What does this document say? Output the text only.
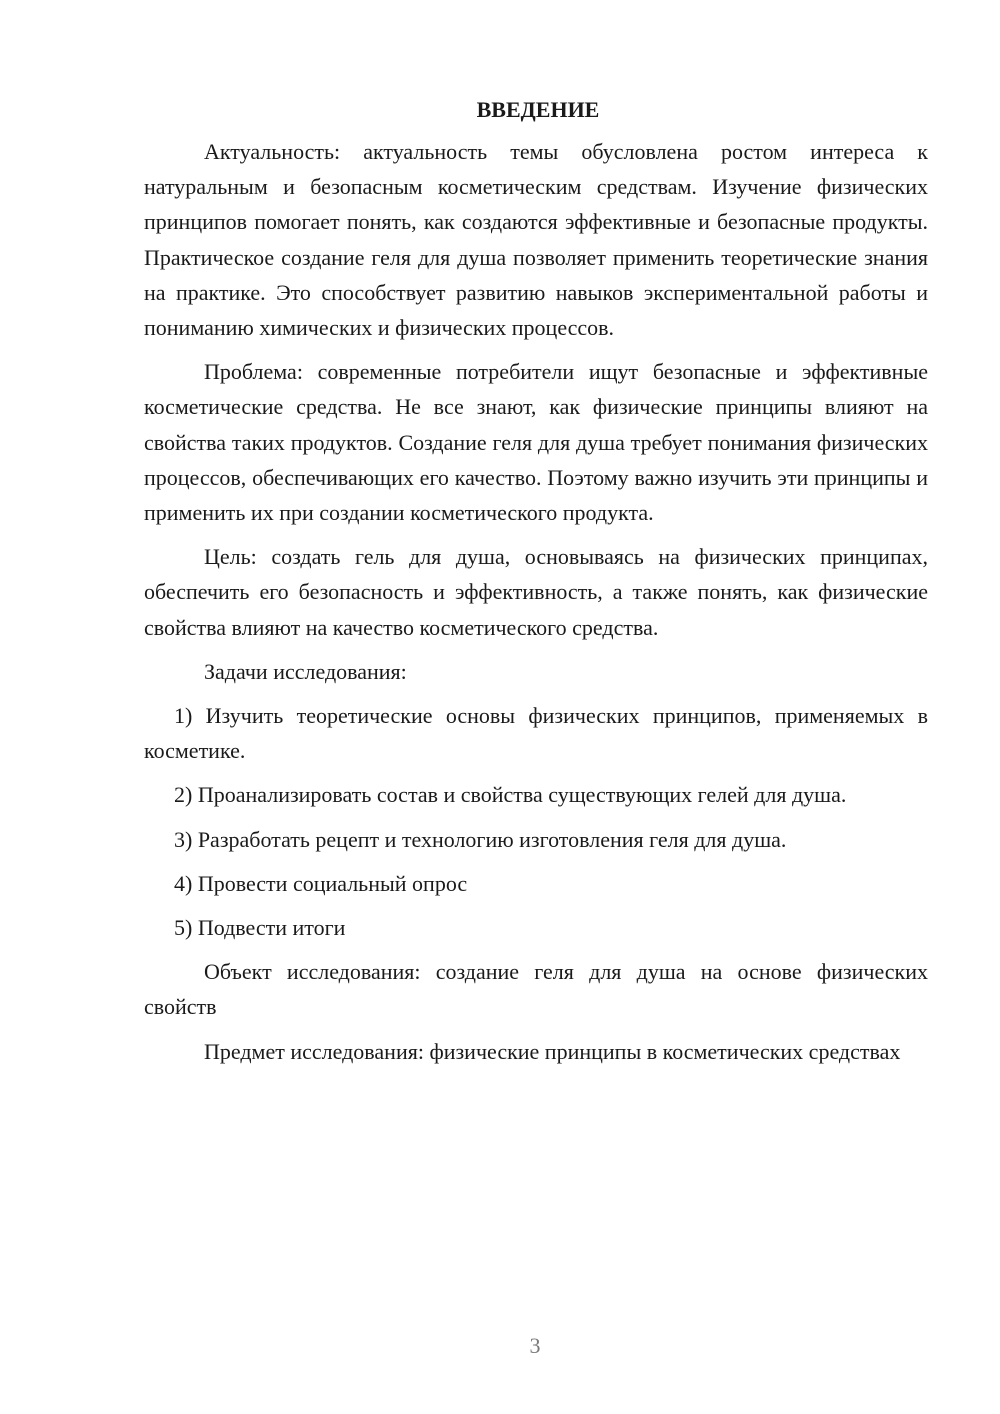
ВВЕДЕНИЕ

Актуальность: актуальность темы обусловлена ростом интереса к натуральным и безопасным косметическим средствам. Изучение физических принципов помогает понять, как создаются эффективные и безопасные продукты. Практическое создание геля для душа позволяет применить теоретические знания на практике. Это способствует развитию навыков экспериментальной работы и пониманию химических и физических процессов.

Проблема: современные потребители ищут безопасные и эффективные косметические средства. Не все знают, как физические принципы влияют на свойства таких продуктов. Создание геля для душа требует понимания физических процессов, обеспечивающих его качество. Поэтому важно изучить эти принципы и применить их при создании косметического продукта.

Цель: создать гель для душа, основываясь на физических принципах, обеспечить его безопасность и эффективность, а также понять, как физические свойства влияют на качество косметического средства.

Задачи исследования:

1) Изучить теоретические основы физических принципов, применяемых в косметике.

2) Проанализировать состав и свойства существующих гелей для душа.

3) Разработать рецепт и технологию изготовления геля для душа.

4) Провести социальный опрос

5) Подвести итоги

Объект исследования: создание геля для душа на основе физических свойств

Предмет исследования: физические принципы в косметических средствах

3
